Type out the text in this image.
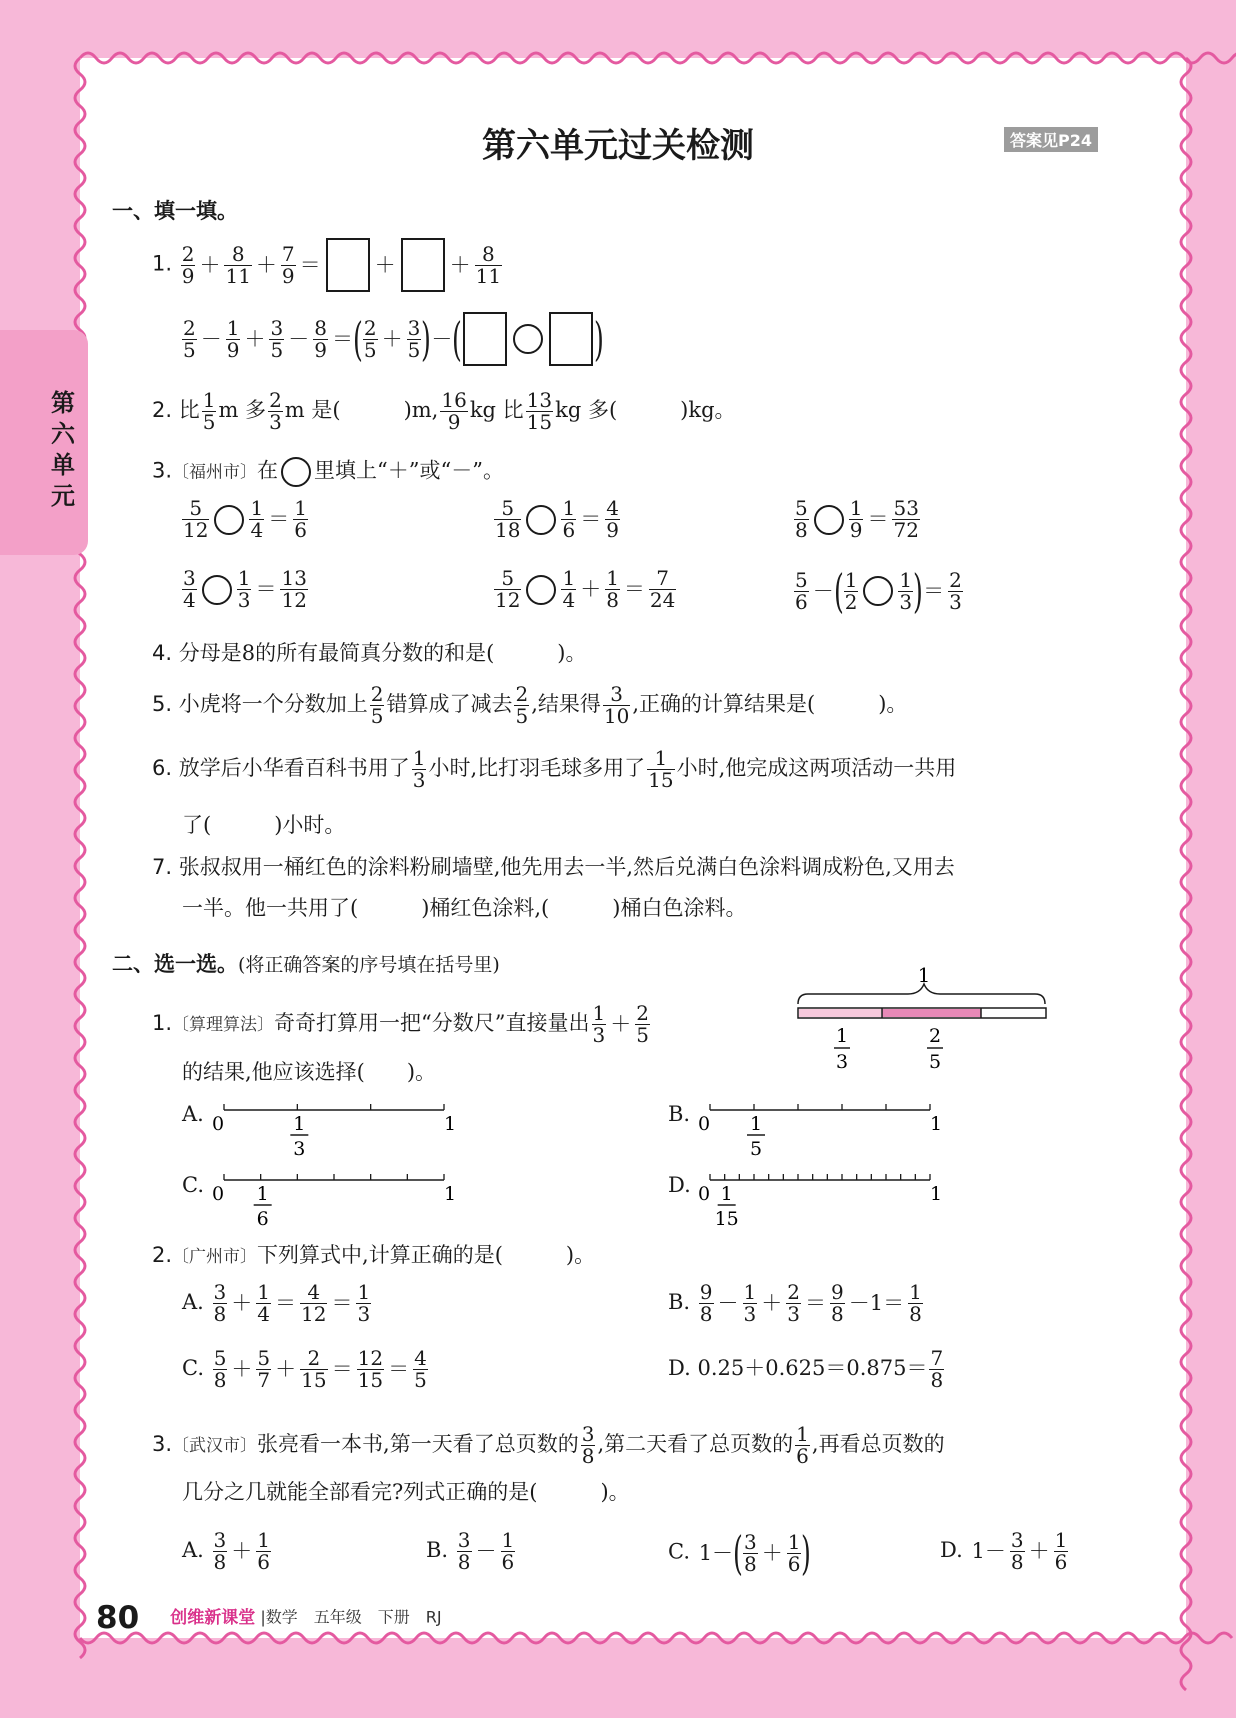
第六单元
第六单元过关检测	答案见P24
一、填一填。
1. $\frac{2}{9} + \frac{8}{11} + \frac{7}{9}$ ＝	＋	＋ $\frac{8}{11}$
$\frac{2}{5} - \frac{1}{9} + \frac{3}{5} - \frac{8}{9}$ ＝( $\frac{2}{5} + \frac{3}{5}$ )－(	)
2. 比 $\frac{1}{5}$ m 多 $\frac{2}{3}$ m 是(　　　)m, $\frac{16}{9}$ kg 比 $\frac{13}{15}$ kg 多(　　　)kg。
3.〔福州市〕在 里填上“＋”或“－”。
$\frac{5}{12} \frac{1}{4} = \frac{1}{6}$	$\frac{5}{18} \frac{1}{6} = \frac{4}{9}$	$\frac{5}{8} \frac{1}{9} = \frac{53}{72}$
$\frac{3}{4} \frac{1}{3} = \frac{13}{12}$	$\frac{5}{12} \frac{1}{4} + \frac{1}{8} = \frac{7}{24}$	$\frac{5}{6}$ －( $\frac{1}{2} \frac{1}{3}$ )＝ $\frac{2}{3}$
4. 分母是8的所有最简真分数的和是(　　　)。
5. 小虎将一个分数加上 $\frac{2}{5}$ 错算成了减去 $\frac{2}{5}$ ,结果得 $\frac{3}{10}$ ,正确的计算结果是(　　　)。
6. 放学后小华看百科书用了 $\frac{1}{3}$ 小时,比打羽毛球多用了 $\frac{1}{15}$ 小时,他完成这两项活动一共用
了(　　　)小时。
7. 张叔叔用一桶红色的涂料粉刷墙壁,他先用去一半,然后兑满白色涂料调成粉色,又用去
一半。他一共用了(　　　)桶红色涂料,(　　　)桶白色涂料。
二、选一选。(将正确答案的序号填在括号里)
1.〔算理算法〕奇奇打算用一把“分数尺”直接量出 $\frac{1}{3} + \frac{2}{5}$
的结果,他应该选择(　　)。
1
1
3
2
5
A. 0	1
1
3
B. 0	1
1
5
C. 0	1
1
6
D. 0	1
1
15
2.〔广州市〕下列算式中,计算正确的是(　　　)。
A. $\frac{3}{8} + \frac{1}{4} = \frac{4}{12} = \frac{1}{3}$	B. $\frac{9}{8} - \frac{1}{3} + \frac{2}{3} = \frac{9}{8} -1= \frac{1}{8}$
C. $\frac{5}{8} + \frac{5}{7} + \frac{2}{15} = \frac{12}{15} = \frac{4}{5}$	D. $0.25+0.625=0.875= \frac{7}{8}$
3.〔武汉市〕张亮看一本书,第一天看了总页数的 $\frac{3}{8}$ ,第二天看了总页数的 $\frac{1}{6}$ ,再看总页数的
几分之几就能全部看完?列式正确的是(　　　)。
A. $\frac{3}{8} + \frac{1}{6}$	B. $\frac{3}{8} - \frac{1}{6}$	C. $1-( \frac{3}{8} + \frac{1}{6}$ )	D. $1- \frac{3}{8} + \frac{1}{6}$
80 创维新课堂 |数学　五年级　下册　RJ
